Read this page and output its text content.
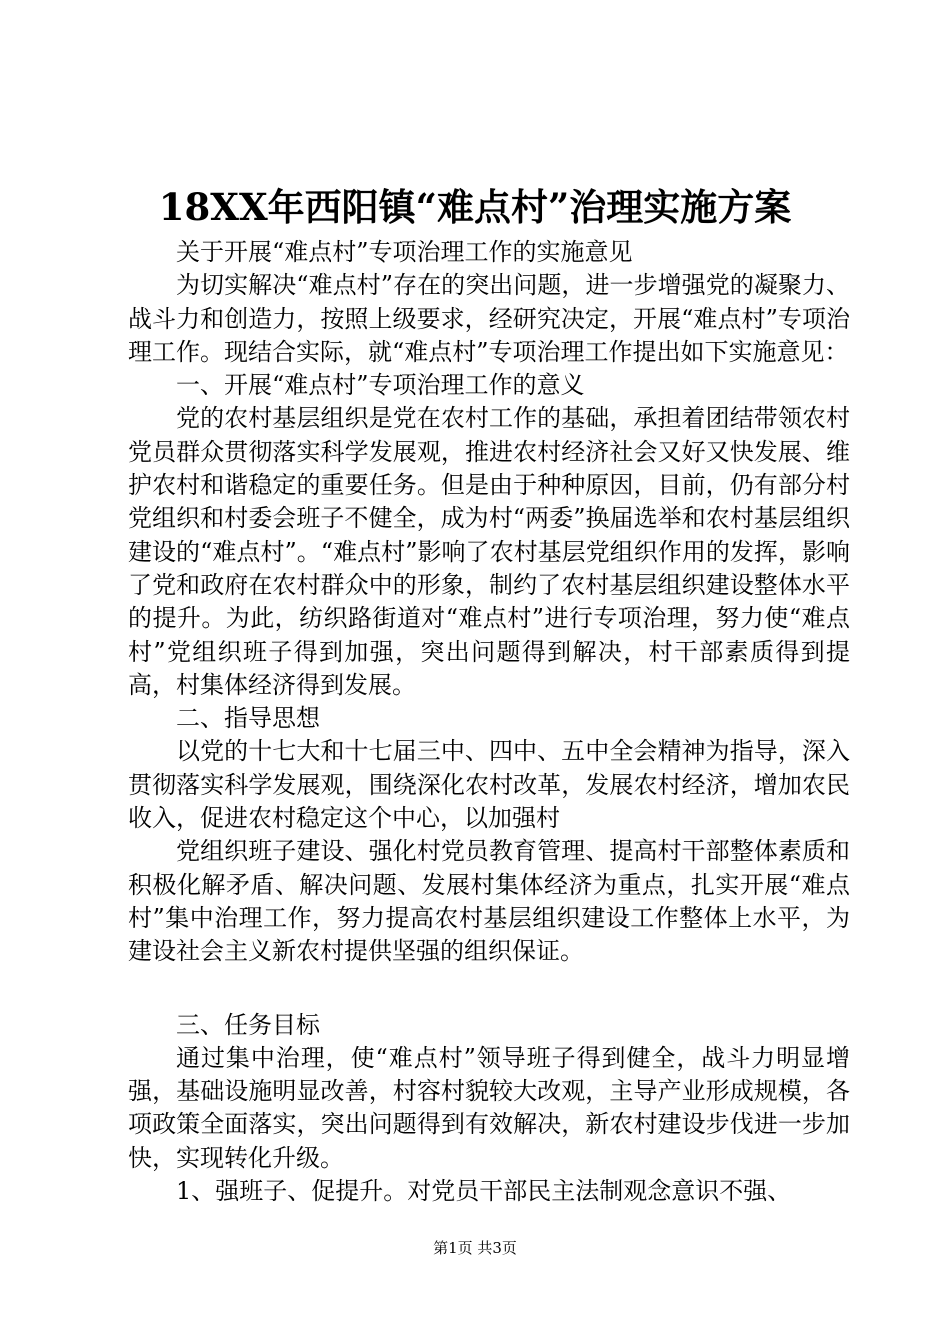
18XX年西阳镇“难点村”治理实施方案

关于开展“难点村”专项治理工作的实施意见

为切实解决“难点村”存在的突出问题，进一步增强党的凝聚力、战斗力和创造力，按照上级要求，经研究决定，开展“难点村”专项治理工作。现结合实际，就“难点村”专项治理工作提出如下实施意见：

一、开展“难点村”专项治理工作的意义

党的农村基层组织是党在农村工作的基础，承担着团结带领农村党员群众贯彻落实科学发展观，推进农村经济社会又好又快发展、维护农村和谐稳定的重要任务。但是由于种种原因，目前，仍有部分村党组织和村委会班子不健全，成为村“两委”换届选举和农村基层组织建设的“难点村”。“难点村”影响了农村基层党组织作用的发挥，影响了党和政府在农村群众中的形象，制约了农村基层组织建设整体水平的提升。为此，纺织路街道对“难点村”进行专项治理，努力使“难点村”党组织班子得到加强，突出问题得到解决，村干部素质得到提高，村集体经济得到发展。

二、指导思想

以党的十七大和十七届三中、四中、五中全会精神为指导，深入贯彻落实科学发展观，围绕深化农村改革，发展农村经济，增加农民收入，促进农村稳定这个中心，以加强村

党组织班子建设、强化村党员教育管理、提高村干部整体素质和积极化解矛盾、解决问题、发展村集体经济为重点，扎实开展“难点村”集中治理工作，努力提高农村基层组织建设工作整体上水平，为建设社会主义新农村提供坚强的组织保证。

三、任务目标

通过集中治理，使“难点村”领导班子得到健全，战斗力明显增强，基础设施明显改善，村容村貌较大改观，主导产业形成规模，各项政策全面落实，突出问题得到有效解决，新农村建设步伐进一步加快，实现转化升级。

1、强班子、促提升。对党员干部民主法制观念意识不强、

第1页 共3页
